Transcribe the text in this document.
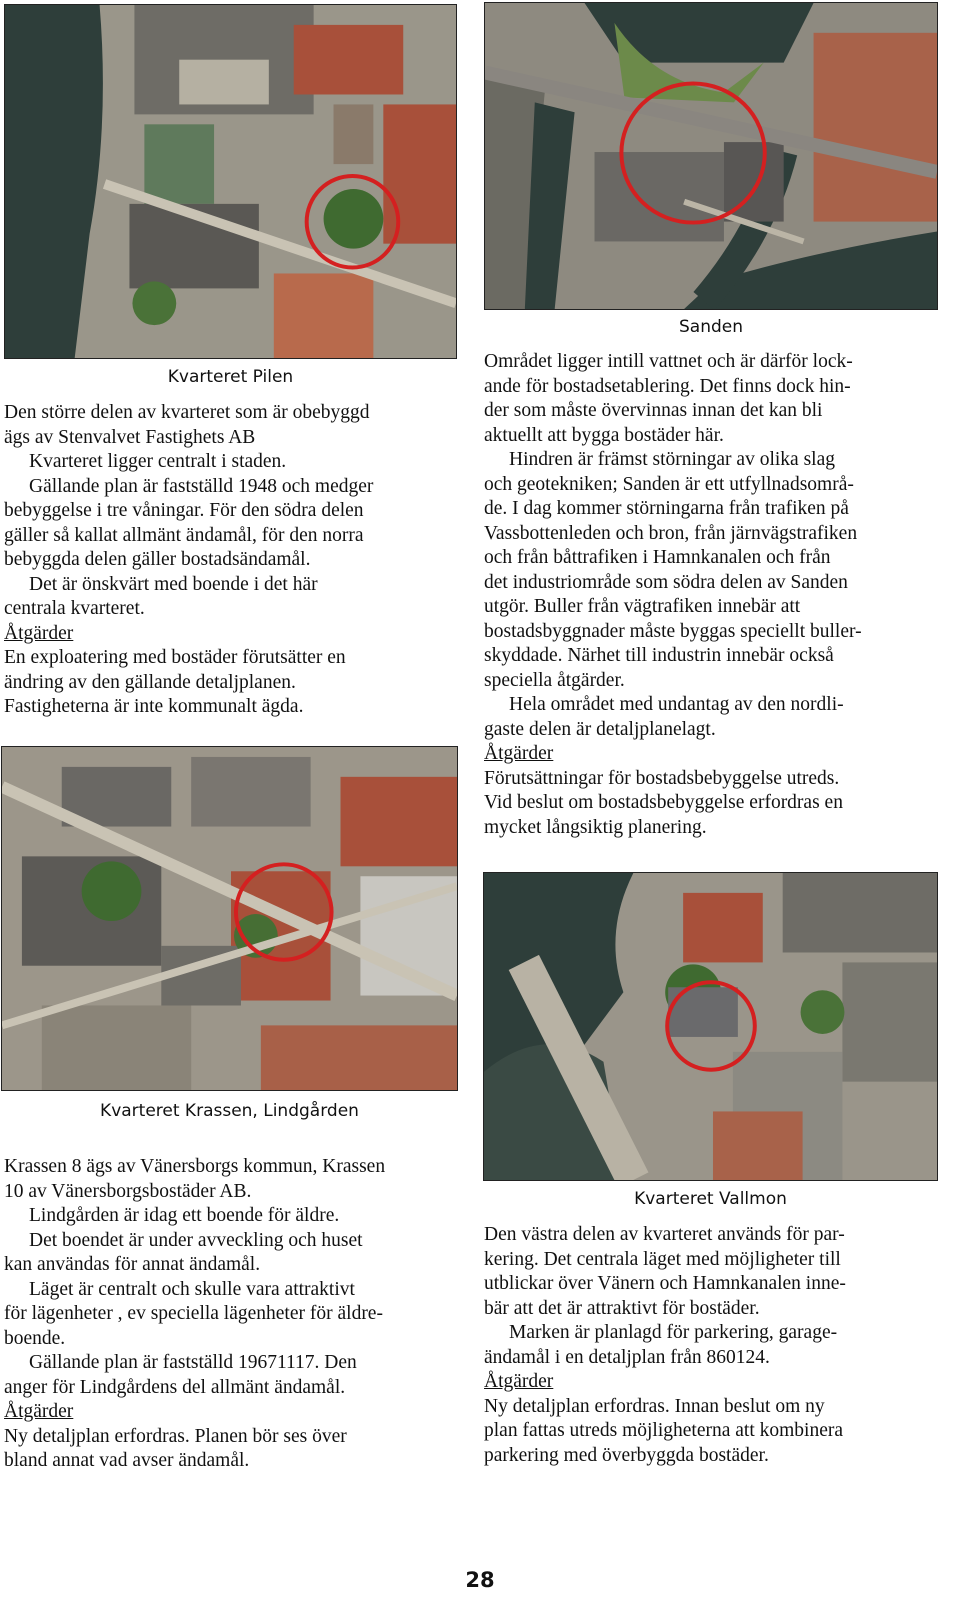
Kvarteret Pilen

Den större delen av kvarteret som är obebyggd

ägs av Stenvalvet Fastighets AB

Kvarteret ligger centralt i staden.

Gällande plan är fastställd 1948 och medger

bebyggelse i tre våningar. För den södra delen

gäller så kallat allmänt ändamål, för den norra

bebyggda delen gäller bostadsändamål.

Det är önskvärt med boende i det här

centrala kvarteret.

Åtgärder

En exploatering med bostäder förutsätter en

ändring av den gällande detaljplanen.

Fastigheterna är inte kommunalt ägda.

Sanden

Området ligger intill vattnet och är därför lock-

ande för bostadsetablering. Det finns dock hin-

der som måste övervinnas innan det kan bli

aktuellt att bygga bostäder här.

Hindren är främst störningar av olika slag

och geotekniken; Sanden är ett utfyllnadsområ-

de. I dag kommer störningarna från trafiken på

Vassbottenleden och bron, från järnvägstrafiken

och från båttrafiken i Hamnkanalen och från

det industriområde som södra delen av Sanden

utgör. Buller från vägtrafiken innebär att

bostadsbyggnader måste byggas speciellt buller-

skyddade. Närhet till industrin innebär också

speciella åtgärder.

Hela området med undantag av den nordli-

gaste delen är detaljplanelagt.

Åtgärder

Förutsättningar för bostadsbebyggelse utreds.

Vid beslut om bostadsbebyggelse erfordras en

mycket långsiktig planering.

Kvarteret Krassen, Lindgården

Krassen 8 ägs av Vänersborgs kommun, Krassen

10 av Vänersborgsbostäder AB.

Lindgården är idag ett boende för äldre.

Det boendet är under avveckling och huset

kan användas för annat ändamål.

Läget är centralt och skulle vara attraktivt

för lägenheter , ev speciella lägenheter för äldre-

boende.

Gällande plan är fastställd 19671117. Den

anger för Lindgårdens del allmänt ändamål.

Åtgärder

Ny detaljplan erfordras. Planen bör ses över

bland annat vad avser ändamål.

Kvarteret Vallmon

Den västra delen av kvarteret används för par-

kering. Det centrala läget med möjligheter till

utblickar över Vänern och Hamnkanalen inne-

bär att det är attraktivt för bostäder.

Marken är planlagd för parkering, garage-

ändamål i en detaljplan från 860124.

Åtgärder

Ny detaljplan erfordras. Innan beslut om ny

plan fattas utreds möjligheterna att kombinera

parkering med överbyggda bostäder.

28
